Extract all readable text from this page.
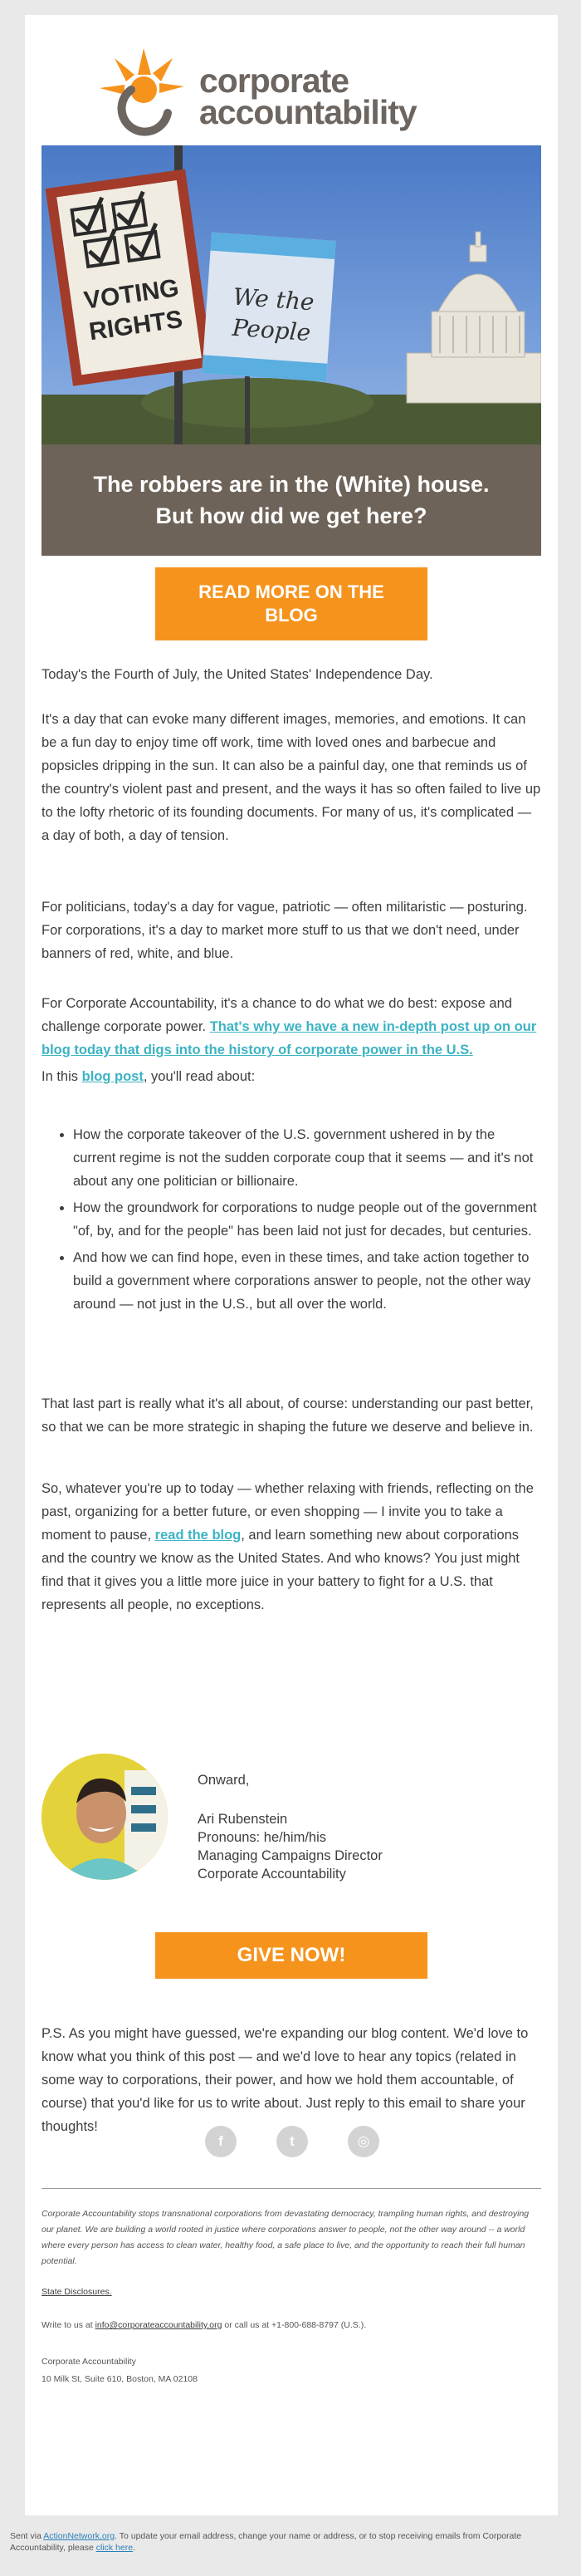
corporate
accountability
VOTING
RIGHTS
We the
People

The robbers are in the (White) house.
But how did we get here?

READ MORE ON THE BLOG

Today's the Fourth of July, the United States' Independence Day.

It's a day that can evoke many different images, memories, and emotions. It can be a fun day to enjoy time off work, time with loved ones and barbecue and popsicles dripping in the sun. It can also be a painful day, one that reminds us of the country's violent past and present, and the ways it has so often failed to live up to the lofty rhetoric of its founding documents. For many of us, it's complicated — a day of both, a day of tension.

For politicians, today's a day for vague, patriotic — often militaristic — posturing. For corporations, it's a day to market more stuff to us that we don't need, under banners of red, white, and blue.

For Corporate Accountability, it's a chance to do what we do best: expose and challenge corporate power. That's why we have a new in-depth post up on our blog today that digs into the history of corporate power in the U.S.

In this blog post, you'll read about:

• How the corporate takeover of the U.S. government ushered in by the current regime is not the sudden corporate coup that it seems — and it's not about any one politician or billionaire.
• How the groundwork for corporations to nudge people out of the government "of, by, and for the people" has been laid not just for decades, but centuries.
• And how we can find hope, even in these times, and take action together to build a government where corporations answer to people, not the other way around — not just in the U.S., but all over the world.

That last part is really what it's all about, of course: understanding our past better, so that we can be more strategic in shaping the future we deserve and believe in.

So, whatever you're up to today — whether relaxing with friends, reflecting on the past, organizing for a better future, or even shopping — I invite you to take a moment to pause, read the blog, and learn something new about corporations and the country we know as the United States. And who knows? You just might find that it gives you a little more juice in your battery to fight for a U.S. that represents all people, no exceptions.

Onward,

Ari Rubenstein

Pronouns: he/him/his

Managing Campaigns Director

Corporate Accountability

GIVE NOW!

P.S. As you might have guessed, we're expanding our blog content. We'd love to know what you think of this post — and we'd love to hear any topics (related in some way to corporations, their power, and how we hold them accountable, of course) that you'd like for us to write about. Just reply to this email to share your thoughts!

f	t	◎

Corporate Accountability stops transnational corporations from devastating democracy, trampling human rights, and destroying our planet. We are building a world rooted in justice where corporations answer to people, not the other way around -- a world where every person has access to clean water, healthy food, a safe place to live, and the opportunity to reach their full human potential.

State Disclosures.

Write to us at info@corporateaccountability.org or call us at +1-800-688-8797 (U.S.).

Corporate Accountability

10 Milk St, Suite 610, Boston, MA 02108

Sent via ActionNetwork.org. To update your email address, change your name or address, or to stop receiving emails from Corporate Accountability, please click here.
